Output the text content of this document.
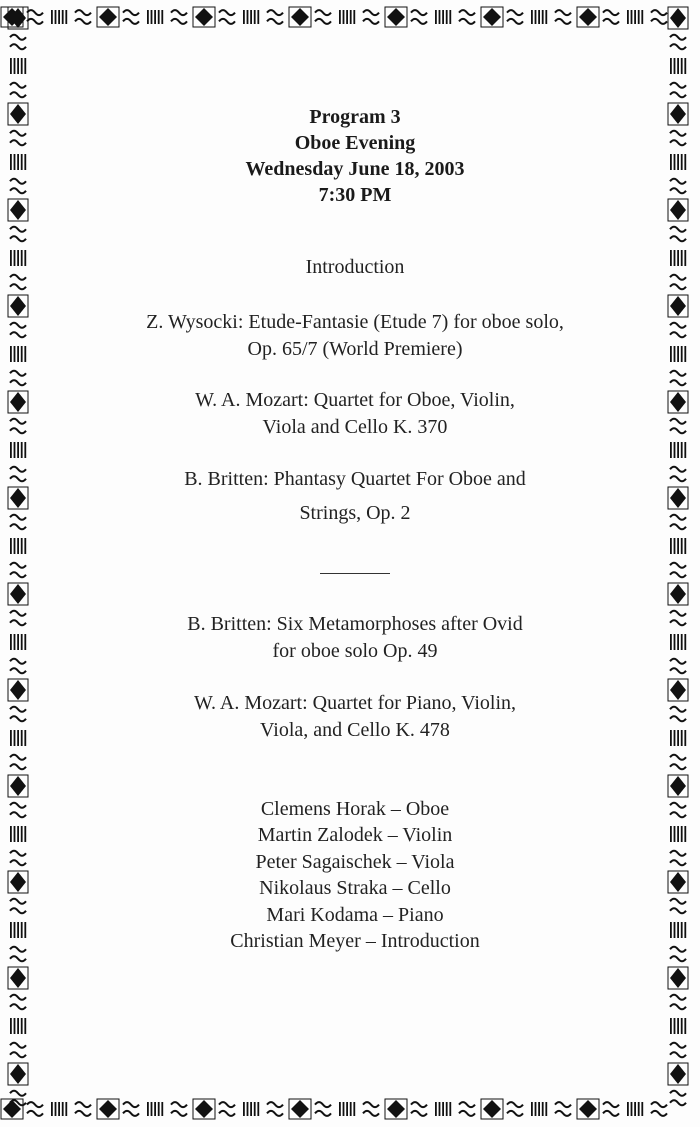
Program 3
Oboe Evening
Wednesday June 18, 2003
7:30 PM
Introduction
Z. Wysocki: Etude-Fantasie (Etude 7) for oboe solo,
Op. 65/7 (World Premiere)
W. A. Mozart: Quartet for Oboe, Violin,
Viola and Cello K. 370
B. Britten: Phantasy Quartet For Oboe and
Strings, Op. 2
B. Britten: Six Metamorphoses after Ovid
for oboe solo Op. 49
W. A. Mozart: Quartet for Piano, Violin,
Viola, and Cello K. 478
Clemens Horak – Oboe
Martin Zalodek – Violin
Peter Sagaischek – Viola
Nikolaus Straka – Cello
Mari Kodama – Piano
Christian Meyer – Introduction
